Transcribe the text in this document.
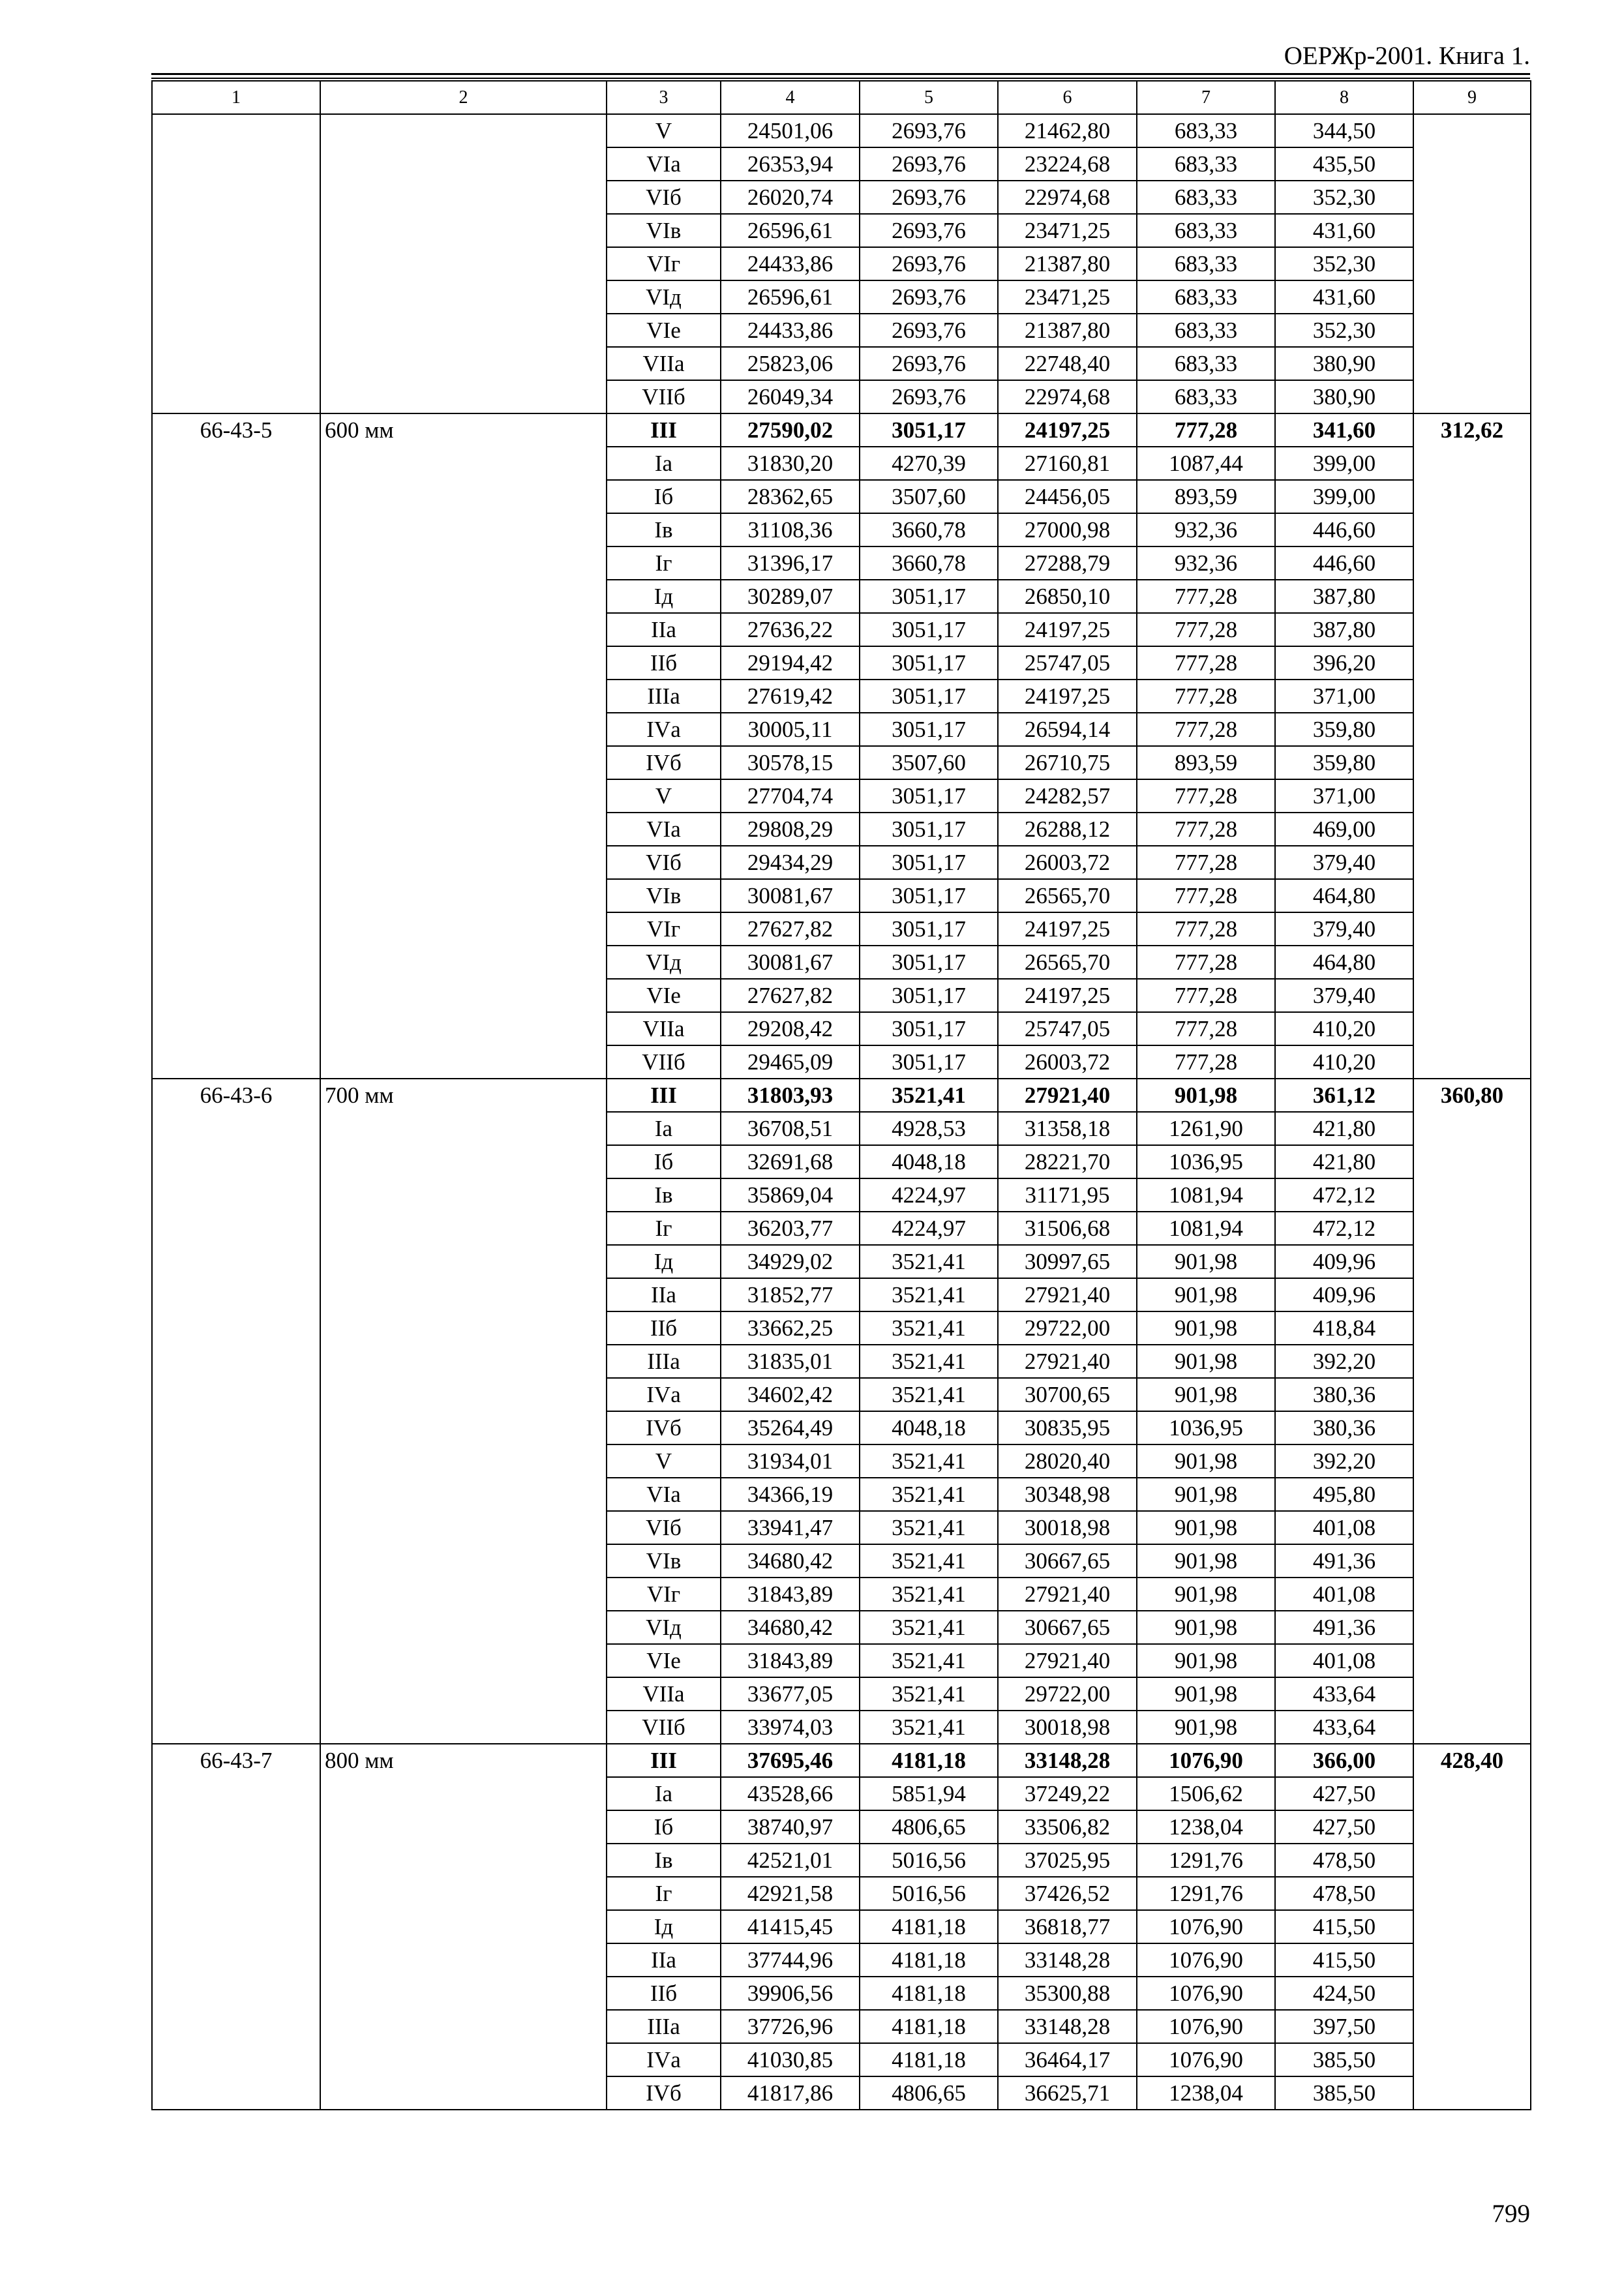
ОЕРЖр-2001. Книга 1.
1	2	3	4	5	6	7	8	9
		V	24501,06	2693,76	21462,80	683,33	344,50	
		VIа	26353,94	2693,76	23224,68	683,33	435,50	
		VIб	26020,74	2693,76	22974,68	683,33	352,30	
		VIв	26596,61	2693,76	23471,25	683,33	431,60	
		VIг	24433,86	2693,76	21387,80	683,33	352,30	
		VIд	26596,61	2693,76	23471,25	683,33	431,60	
		VIе	24433,86	2693,76	21387,80	683,33	352,30	
		VIIа	25823,06	2693,76	22748,40	683,33	380,90	
		VIIб	26049,34	2693,76	22974,68	683,33	380,90	
66-43-5	600 мм	III	27590,02	3051,17	24197,25	777,28	341,60	312,62
		Iа	31830,20	4270,39	27160,81	1087,44	399,00	
		Iб	28362,65	3507,60	24456,05	893,59	399,00	
		Iв	31108,36	3660,78	27000,98	932,36	446,60	
		Iг	31396,17	3660,78	27288,79	932,36	446,60	
		Iд	30289,07	3051,17	26850,10	777,28	387,80	
		IIа	27636,22	3051,17	24197,25	777,28	387,80	
		IIб	29194,42	3051,17	25747,05	777,28	396,20	
		IIIа	27619,42	3051,17	24197,25	777,28	371,00	
		IVа	30005,11	3051,17	26594,14	777,28	359,80	
		IVб	30578,15	3507,60	26710,75	893,59	359,80	
		V	27704,74	3051,17	24282,57	777,28	371,00	
		VIа	29808,29	3051,17	26288,12	777,28	469,00	
		VIб	29434,29	3051,17	26003,72	777,28	379,40	
		VIв	30081,67	3051,17	26565,70	777,28	464,80	
		VIг	27627,82	3051,17	24197,25	777,28	379,40	
		VIд	30081,67	3051,17	26565,70	777,28	464,80	
		VIе	27627,82	3051,17	24197,25	777,28	379,40	
		VIIа	29208,42	3051,17	25747,05	777,28	410,20	
		VIIб	29465,09	3051,17	26003,72	777,28	410,20	
66-43-6	700 мм	III	31803,93	3521,41	27921,40	901,98	361,12	360,80
		Iа	36708,51	4928,53	31358,18	1261,90	421,80	
		Iб	32691,68	4048,18	28221,70	1036,95	421,80	
		Iв	35869,04	4224,97	31171,95	1081,94	472,12	
		Iг	36203,77	4224,97	31506,68	1081,94	472,12	
		Iд	34929,02	3521,41	30997,65	901,98	409,96	
		IIа	31852,77	3521,41	27921,40	901,98	409,96	
		IIб	33662,25	3521,41	29722,00	901,98	418,84	
		IIIа	31835,01	3521,41	27921,40	901,98	392,20	
		IVа	34602,42	3521,41	30700,65	901,98	380,36	
		IVб	35264,49	4048,18	30835,95	1036,95	380,36	
		V	31934,01	3521,41	28020,40	901,98	392,20	
		VIа	34366,19	3521,41	30348,98	901,98	495,80	
		VIб	33941,47	3521,41	30018,98	901,98	401,08	
		VIв	34680,42	3521,41	30667,65	901,98	491,36	
		VIг	31843,89	3521,41	27921,40	901,98	401,08	
		VIд	34680,42	3521,41	30667,65	901,98	491,36	
		VIе	31843,89	3521,41	27921,40	901,98	401,08	
		VIIа	33677,05	3521,41	29722,00	901,98	433,64	
		VIIб	33974,03	3521,41	30018,98	901,98	433,64	
66-43-7	800 мм	III	37695,46	4181,18	33148,28	1076,90	366,00	428,40
		Iа	43528,66	5851,94	37249,22	1506,62	427,50	
		Iб	38740,97	4806,65	33506,82	1238,04	427,50	
		Iв	42521,01	5016,56	37025,95	1291,76	478,50	
		Iг	42921,58	5016,56	37426,52	1291,76	478,50	
		Iд	41415,45	4181,18	36818,77	1076,90	415,50	
		IIа	37744,96	4181,18	33148,28	1076,90	415,50	
		IIб	39906,56	4181,18	35300,88	1076,90	424,50	
		IIIа	37726,96	4181,18	33148,28	1076,90	397,50	
		IVа	41030,85	4181,18	36464,17	1076,90	385,50	
		IVб	41817,86	4806,65	36625,71	1238,04	385,50	
799
